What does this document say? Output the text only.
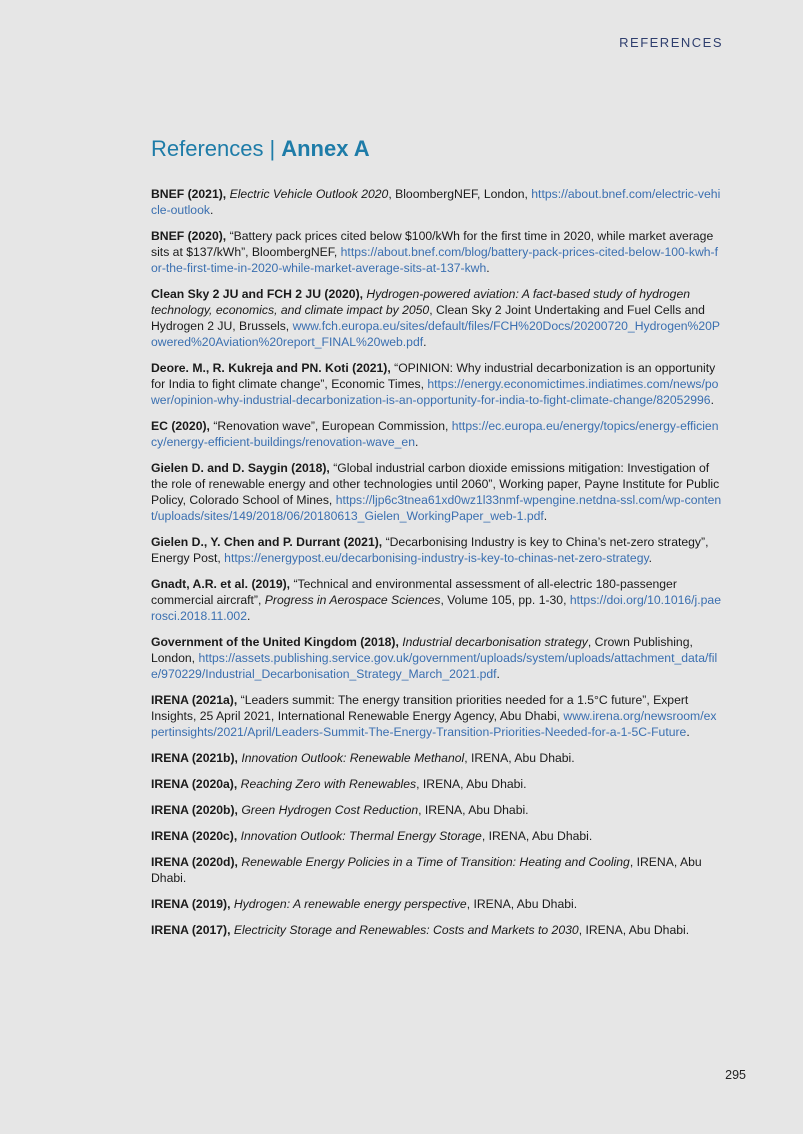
REFERENCES
References | Annex A

BNEF (2021), Electric Vehicle Outlook 2020, BloombergNEF, London, https://about.bnef.com/electric-vehicle-outlook.

BNEF (2020), “Battery pack prices cited below $100/kWh for the first time in 2020, while market average sits at $137/kWh”, BloombergNEF, https://about.bnef.com/blog/battery-pack-prices-cited-below-100-kwh-for-the-first-time-in-2020-while-market-average-sits-at-137-kwh.

Clean Sky 2 JU and FCH 2 JU (2020), Hydrogen-powered aviation: A fact-based study of hydrogen technology, economics, and climate impact by 2050, Clean Sky 2 Joint Undertaking and Fuel Cells and Hydrogen 2 JU, Brussels, www.fch.europa.eu/sites/default/files/FCH%20Docs/20200720_Hydrogen%20Powered%20Aviation%20report_FINAL%20web.pdf.

Deore. M., R. Kukreja and PN. Koti (2021), “OPINION: Why industrial decarbonization is an opportunity for India to fight climate change”, Economic Times, https://energy.economictimes.indiatimes.com/news/power/opinion-why-industrial-decarbonization-is-an-opportunity-for-india-to-fight-climate-change/82052996.

EC (2020), “Renovation wave”, European Commission, https://ec.europa.eu/energy/topics/energy-efficiency/energy-efficient-buildings/renovation-wave_en.

Gielen D. and D. Saygin (2018), “Global industrial carbon dioxide emissions mitigation: Investigation of the role of renewable energy and other technologies until 2060”, Working paper, Payne Institute for Public Policy, Colorado School of Mines, https://ljp6c3tnea61xd0wz1l33nmf-wpengine.netdna-ssl.com/wp-content/uploads/sites/149/2018/06/20180613_Gielen_WorkingPaper_web-1.pdf.

Gielen D., Y. Chen and P. Durrant (2021), “Decarbonising Industry is key to China’s net-zero strategy”, Energy Post, https://energypost.eu/decarbonising-industry-is-key-to-chinas-net-zero-strategy.

Gnadt, A.R. et al. (2019), “Technical and environmental assessment of all-electric 180-passenger commercial aircraft”, Progress in Aerospace Sciences, Volume 105, pp. 1-30, https://doi.org/10.1016/j.paerosci.2018.11.002.

Government of the United Kingdom (2018), Industrial decarbonisation strategy, Crown Publishing, London, https://assets.publishing.service.gov.uk/government/uploads/system/uploads/attachment_data/file/970229/Industrial_Decarbonisation_Strategy_March_2021.pdf.

IRENA (2021a), “Leaders summit: The energy transition priorities needed for a 1.5°C future”, Expert Insights, 25 April 2021, International Renewable Energy Agency, Abu Dhabi, www.irena.org/newsroom/expertinsights/2021/April/Leaders-Summit-The-Energy-Transition-Priorities-Needed-for-a-1-5C-Future.

IRENA (2021b), Innovation Outlook: Renewable Methanol, IRENA, Abu Dhabi.

IRENA (2020a), Reaching Zero with Renewables, IRENA, Abu Dhabi.

IRENA (2020b), Green Hydrogen Cost Reduction, IRENA, Abu Dhabi.

IRENA (2020c), Innovation Outlook: Thermal Energy Storage, IRENA, Abu Dhabi.

IRENA (2020d), Renewable Energy Policies in a Time of Transition: Heating and Cooling, IRENA, Abu Dhabi.

IRENA (2019), Hydrogen: A renewable energy perspective, IRENA, Abu Dhabi.

IRENA (2017), Electricity Storage and Renewables: Costs and Markets to 2030, IRENA, Abu Dhabi.

295
